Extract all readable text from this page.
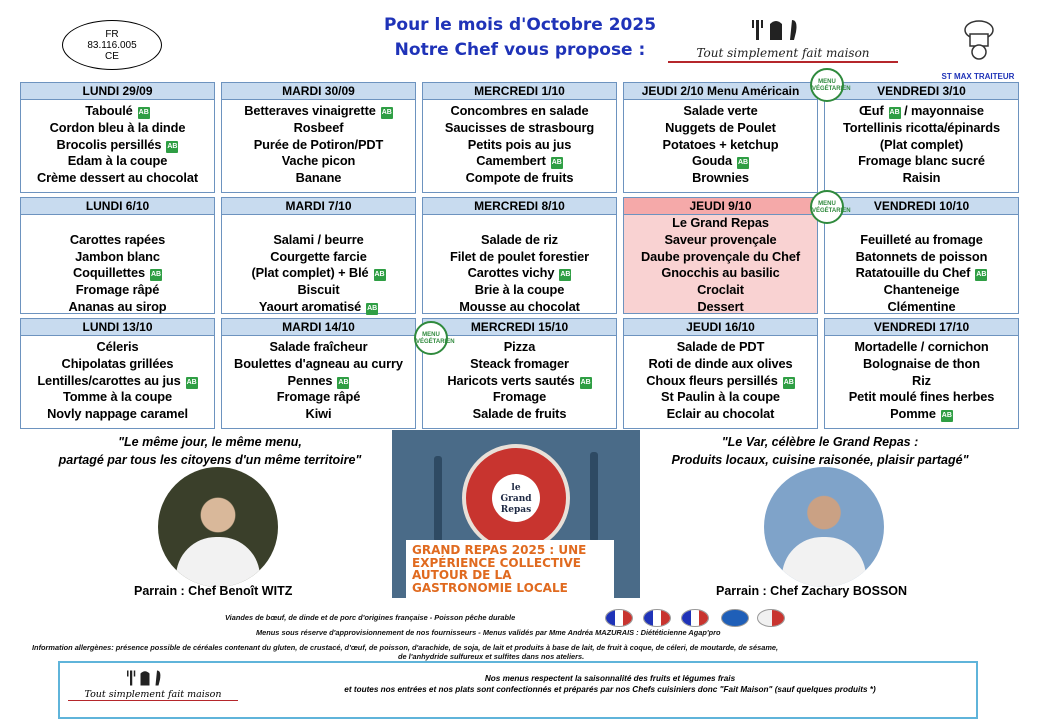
FR
83.116.005
CE
Pour le mois d'Octobre 2025
Notre Chef vous propose :	Tout simplement fait maison
ST MAX TRAITEUR
LUNDI 29/09
Taboulé AB
Cordon bleu à la dinde
Brocolis persillés AB
Edam à la coupe
Crème dessert au chocolat
MARDI 30/09
Betteraves vinaigrette AB
Rosbeef
Purée de Potiron/PDT
Vache picon
Banane
MERCREDI 1/10
Concombres en salade
Saucisses de strasbourg
Petits pois au jus
Camembert AB
Compote de fruits
JEUDI 2/10 Menu Américain
Salade verte
Nuggets de Poulet
Potatoes + ketchup
Gouda AB
Brownies
VENDREDI 3/10
Œuf AB / mayonnaise
Tortellinis ricotta/épinards
(Plat complet)
Fromage blanc sucré
Raisin
LUNDI 6/10

Carottes rapées
Jambon blanc
Coquillettes AB
Fromage râpé
Ananas au sirop
MARDI 7/10

Salami / beurre
Courgette farcie
(Plat complet) + Blé AB
Biscuit
Yaourt aromatisé AB
MERCREDI 8/10

Salade de riz
Filet de poulet forestier
Carottes vichy AB
Brie à la coupe
Mousse au chocolat
JEUDI 9/10
Le Grand Repas
Saveur provençale
Daube provençale du Chef
Gnocchis au basilic
Croclait
Dessert
VENDREDI 10/10

Feuilleté au fromage
Batonnets de poisson
Ratatouille du Chef AB
Chanteneige
Clémentine
LUNDI 13/10
Céleris
Chipolatas grillées
Lentilles/carottes au jus AB
Tomme à la coupe
Novly nappage caramel
MARDI 14/10
Salade fraîcheur
Boulettes d'agneau au curry
Pennes AB
Fromage râpé
Kiwi
MERCREDI 15/10
Pizza
Steack fromager
Haricots verts sautés AB
Fromage
Salade de fruits
JEUDI 16/10
Salade de PDT
Roti de dinde aux olives
Choux fleurs persillés AB
St Paulin à la coupe
Eclair au chocolat
VENDREDI 17/10
Mortadelle / cornichon
Bolognaise de thon
Riz
Petit moulé fines herbes
Pomme AB
MENU
VÉGÉTARIEN
MENU
VÉGÉTARIEN
MENU
VÉGÉTARIEN
"Le même jour, le même menu,
partagé par tous les citoyens d'un même territoire"
"Le Var, célèbre le Grand Repas :
Produits locaux, cuisine raisonée, plaisir partagé"
Parrain : Chef Benoît WITZ	Parrain : Chef Zachary BOSSON
le
Grand
Repas
GRAND REPAS 2025 : UNE
EXPÉRIENCE COLLECTIVE
AUTOUR DE LA
GASTRONOMIE LOCALE
Viandes de bœuf, de dinde et de porc d'origines française - Poisson pêche durable
Menus sous réserve d'approvisionnement de nos fournisseurs - Menus validés par Mme Andréa MAZURAIS : Diététicienne Agap'pro
Information allergènes: présence possible de céréales contenant du gluten, de crustacé, d'œuf, de poisson, d'arachide, de soja, de lait et produits à base de lait, de fruit à coque, de céleri, de moutarde, de sésame,
de l'anhydride sulfureux et sulfites dans nos ateliers.
Tout simplement fait maison
Nos menus respectent la saisonnalité des fruits et légumes frais
et toutes nos entrées et nos plats sont confectionnés et préparés par nos Chefs cuisiniers donc "Fait Maison" (sauf quelques produits *)
